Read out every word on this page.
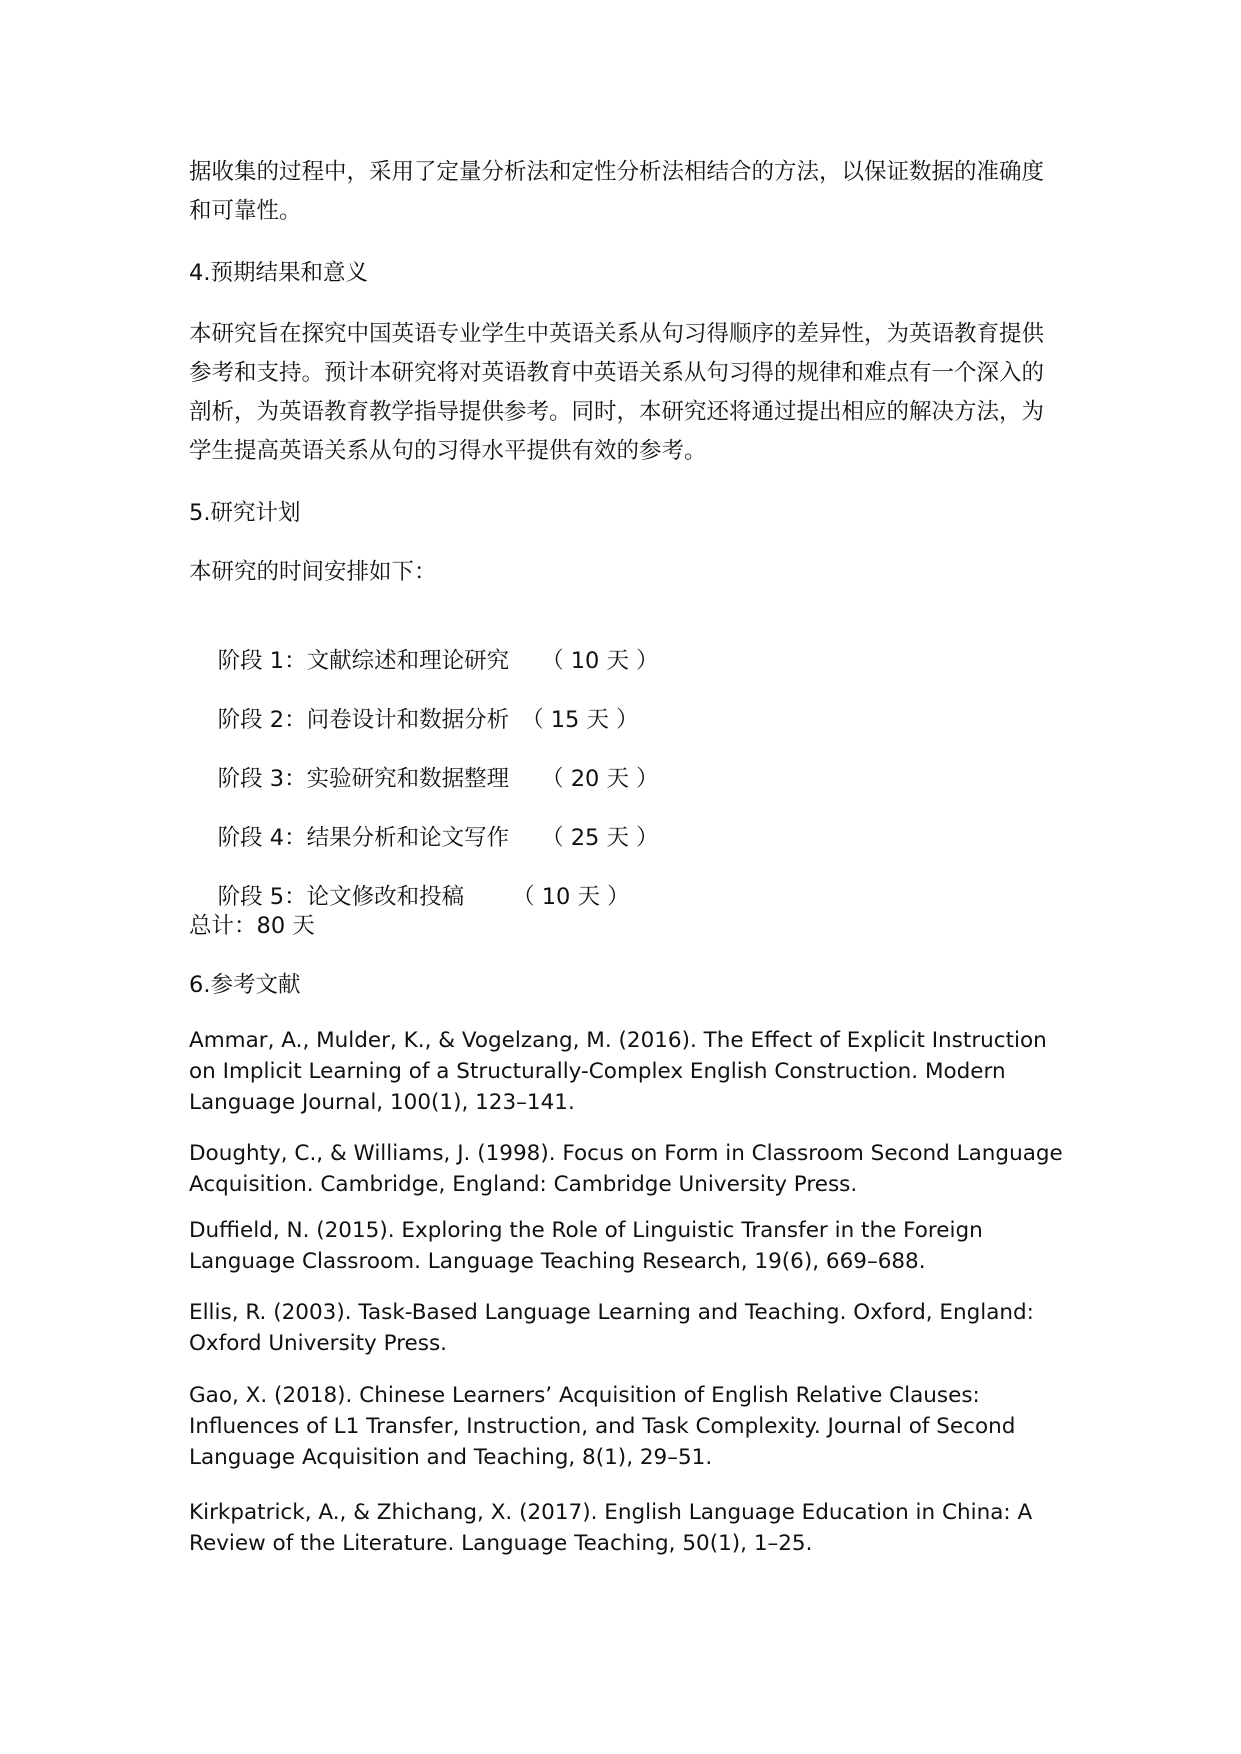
据收集的过程中，采用了定量分析法和定性分析法相结合的方法，以保证数据的准确度和可靠性。

4.预期结果和意义

本研究旨在探究中国英语专业学生中英语关系从句习得顺序的差异性，为英语教育提供参考和支持。预计本研究将对英语教育中英语关系从句习得的规律和难点有一个深入的剖析，为英语教育教学指导提供参考。同时，本研究还将通过提出相应的解决方法，为学生提高英语关系从句的习得水平提供有效的参考。

5.研究计划

本研究的时间安排如下：

阶段 1：文献综述和理论研究 （ 10 天 ）

阶段 2：问卷设计和数据分析 （ 15 天 ）

阶段 3：实验研究和数据整理 （ 20 天 ）

阶段 4：结果分析和论文写作 （ 25 天 ）

阶段 5：论文修改和投稿 （ 10 天 ）

总计：80 天

6.参考文献

Ammar, A., Mulder, K., & Vogelzang, M. (2016). The Effect of Explicit Instruction on Implicit Learning of a Structurally-Complex English Construction. Modern Language Journal, 100(1), 123–141.

Doughty, C., & Williams, J. (1998). Focus on Form in Classroom Second Language Acquisition. Cambridge, England: Cambridge University Press.

Duffield, N. (2015). Exploring the Role of Linguistic Transfer in the Foreign Language Classroom. Language Teaching Research, 19(6), 669–688.

Ellis, R. (2003). Task-Based Language Learning and Teaching. Oxford, England: Oxford University Press.

Gao, X. (2018). Chinese Learners’ Acquisition of English Relative Clauses: Influences of L1 Transfer, Instruction, and Task Complexity. Journal of Second Language Acquisition and Teaching, 8(1), 29–51.

Kirkpatrick, A., & Zhichang, X. (2017). English Language Education in China: A Review of the Literature. Language Teaching, 50(1), 1–25.
